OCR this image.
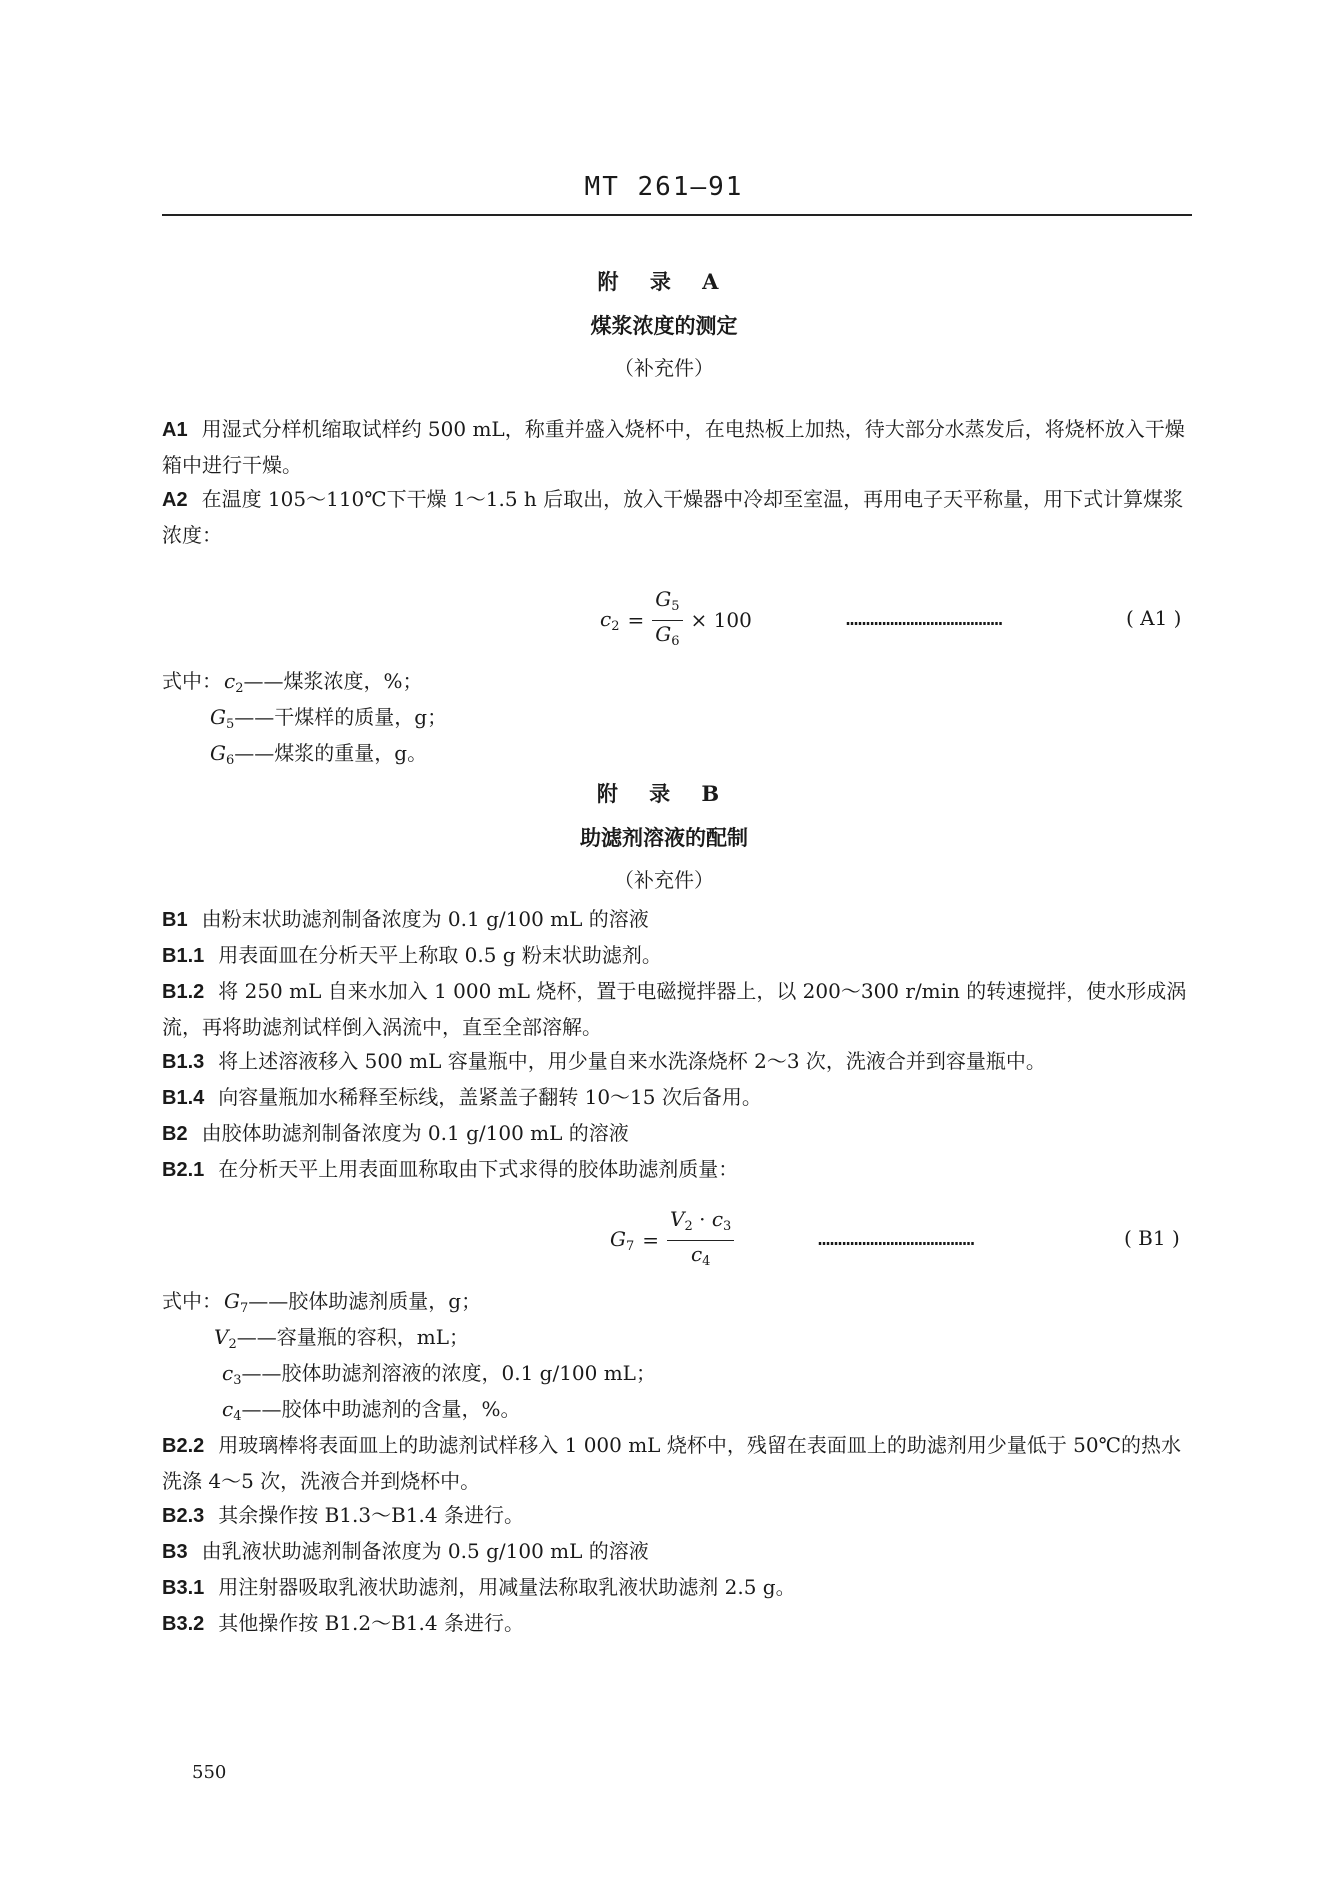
MT 261—91
附 录 A
煤浆浓度的测定
（补充件）
A1 用湿式分样机缩取试样约 500 mL，称重并盛入烧杯中，在电热板上加热，待大部分水蒸发后，将烧杯放入干燥箱中进行干燥。
A2 在温度 105～110℃下干燥 1～1.5 h 后取出，放入干燥器中冷却至室温，再用电子天平称量，用下式计算煤浆浓度：
$c_2 = \frac{G_5}{G_6} \times 100$	…………………………………	( A1 )
式中： $c_2——$煤浆浓度，%；
$G_5——$干煤样的质量，g；
$G_6——$煤浆的重量，g。
附 录 B
助滤剂溶液的配制
（补充件）
B1 由粉末状助滤剂制备浓度为 0.1 g/100 mL 的溶液
B1.1 用表面皿在分析天平上称取 0.5 g 粉末状助滤剂。
B1.2 将 250 mL 自来水加入 1 000 mL 烧杯，置于电磁搅拌器上，以 200～300 r/min 的转速搅拌，使水形成涡流，再将助滤剂试样倒入涡流中，直至全部溶解。
B1.3 将上述溶液移入 500 mL 容量瓶中，用少量自来水洗涤烧杯 2～3 次，洗液合并到容量瓶中。
B1.4 向容量瓶加水稀释至标线，盖紧盖子翻转 10～15 次后备用。
B2 由胶体助滤剂制备浓度为 0.1 g/100 mL 的溶液
B2.1 在分析天平上用表面皿称取由下式求得的胶体助滤剂质量：
$G_7 = \frac{V_2 \cdot c_3}{c_4}$	…………………………………	( B1 )
式中： $G_7——$胶体助滤剂质量，g；
$V_2——$容量瓶的容积，mL；
$c_3——$胶体助滤剂溶液的浓度，0.1 g/100 mL；
$c_4——$胶体中助滤剂的含量，%。
B2.2 用玻璃棒将表面皿上的助滤剂试样移入 1 000 mL 烧杯中，残留在表面皿上的助滤剂用少量低于 50℃的热水洗涤 4～5 次，洗液合并到烧杯中。
B2.3 其余操作按 B1.3～B1.4 条进行。
B3 由乳液状助滤剂制备浓度为 0.5 g/100 mL 的溶液
B3.1 用注射器吸取乳液状助滤剂，用减量法称取乳液状助滤剂 2.5 g。
B3.2 其他操作按 B1.2～B1.4 条进行。
550
